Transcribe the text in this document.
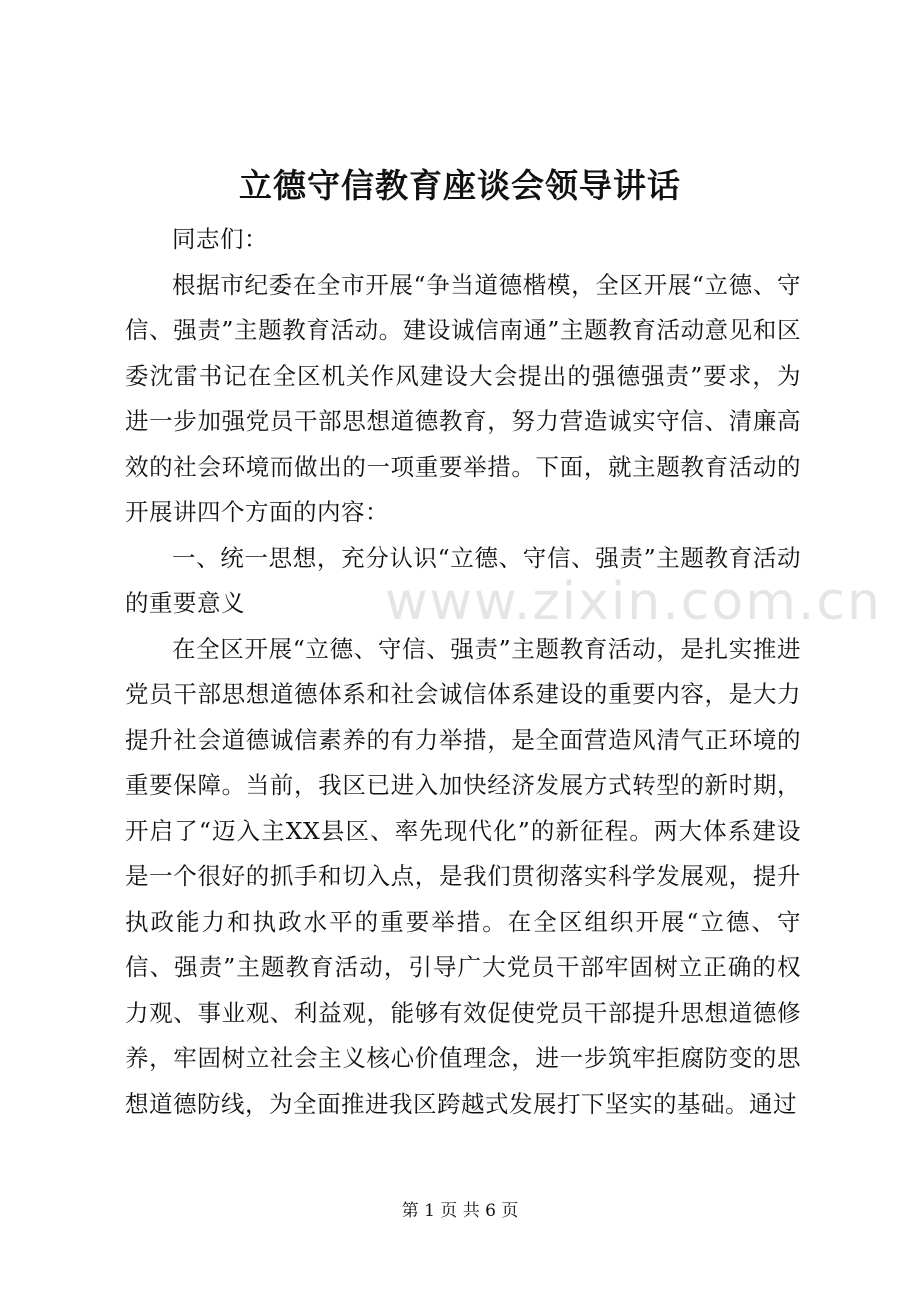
立德守信教育座谈会领导讲话

同志们：

根据市纪委在全市开展“争当道德楷模，全区开展“立德、守信、强责”主题教育活动。建设诚信南通”主题教育活动意见和区委沈雷书记在全区机关作风建设大会提出的强德强责”要求，为进一步加强党员干部思想道德教育，努力营造诚实守信、清廉高效的社会环境而做出的一项重要举措。下面，就主题教育活动的开展讲四个方面的内容：

一、统一思想，充分认识“立德、守信、强责”主题教育活动的重要意义

在全区开展“立德、守信、强责”主题教育活动，是扎实推进党员干部思想道德体系和社会诚信体系建设的重要内容，是大力提升社会道德诚信素养的有力举措，是全面营造风清气正环境的重要保障。当前，我区已进入加快经济发展方式转型的新时期，开启了“迈入主XX县区、率先现代化”的新征程。两大体系建设是一个很好的抓手和切入点，是我们贯彻落实科学发展观，提升执政能力和执政水平的重要举措。在全区组织开展“立德、守信、强责”主题教育活动，引导广大党员干部牢固树立正确的权力观、事业观、利益观，能够有效促使党员干部提升思想道德修养，牢固树立社会主义核心价值理念，进一步筑牢拒腐防变的思想道德防线，为全面推进我区跨越式发展打下坚实的基础。通过

www.zixin.com.cn
第 1 页 共 6 页
